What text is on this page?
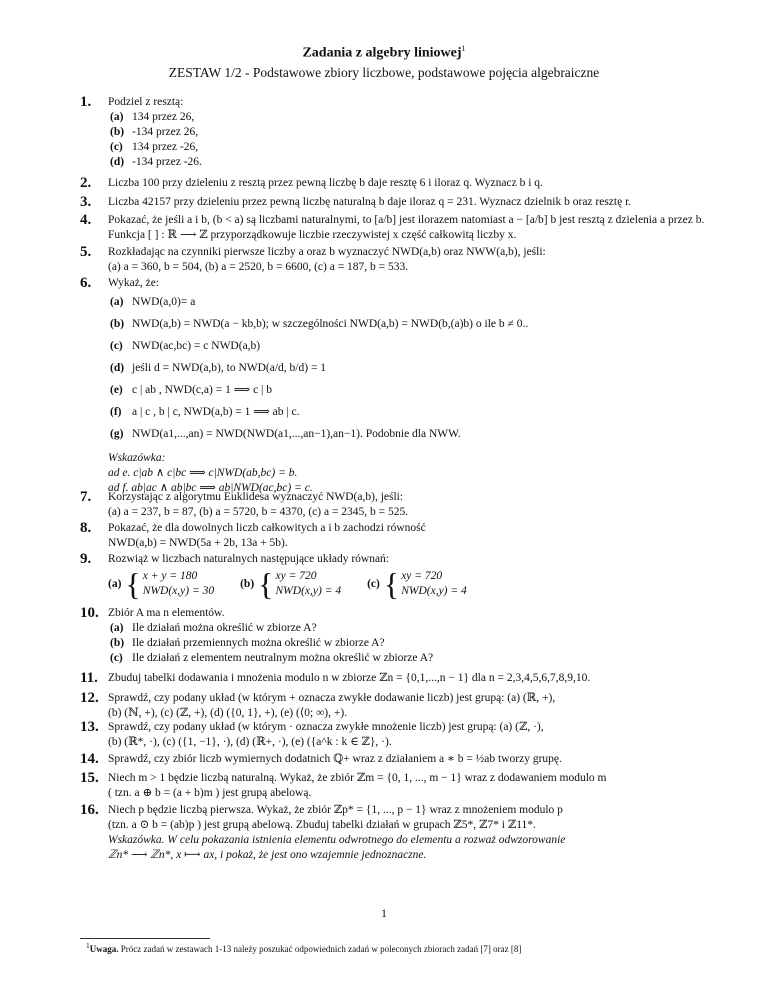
Zadania z algebry liniowej$^1$
ZESTAW 1/2 - Podstawowe zbiory liczbowe, podstawowe pojęcia algebraiczne
1. Podziel z resztą:
(a) 134 przez 26,
(b) -134 przez 26,
(c) 134 przez -26,
(d) -134 przez -26.
2. Liczba 100 przy dzieleniu z resztą przez pewną liczbę b daje resztę 6 i iloraz q. Wyznacz b i q.
3. Liczba 42157 przy dzieleniu przez pewną liczbę naturalną b daje iloraz q = 231. Wyznacz dzielnik b oraz resztę r.
4. Pokazać, że jeśli a i b, (b < a) są liczbami naturalnymi, to [a/b] jest ilorazem natomiast a − [a/b] b jest resztą z dzielenia a przez b. Funkcja [ ] : ℝ ⟶ ℤ przyporządkowuje liczbie rzeczywistej x część całkowitą liczby x.
5. Rozkładając na czynniki pierwsze liczby a oraz b wyznaczyć NWD(a,b) oraz NWW(a,b), jeśli:
(a) a = 360, b = 504, (b) a = 2520, b = 6600, (c) a = 187, b = 533.
6. Wykaż, że:
(a) NWD(a,0)= a
(b) NWD(a,b) = NWD(a − kb,b); w szczególności NWD(a,b) = NWD(b,(a)b) o ile b ≠ 0..
(c) NWD(ac,bc) = c NWD(a,b)
(d) jeśli d = NWD(a,b), to NWD(a/d, b/d) = 1
(e) c | ab , NWD(c,a) = 1 ⟹ c | b
(f) a | c , b | c, NWD(a,b) = 1 ⟹ ab | c.
(g) NWD(a1,...,an) = NWD(NWD(a1,...,an−1),an−1). Podobnie dla NWW.
Wskazówka:
ad e. c|ab ∧ c|bc ⟹ c|NWD(ab,bc) = b.
ad f. ab|ac ∧ ab|bc ⟹ ab|NWD(ac,bc) = c.
7. Korzystając z algorytmu Euklidesa wyznaczyć NWD(a,b), jeśli:
(a) a = 237, b = 87, (b) a = 5720, b = 4370, (c) a = 2345, b = 525.
8. Pokazać, że dla dowolnych liczb całkowitych a i b zachodzi równość
NWD(a,b) = NWD(5a + 2b, 13a + 5b).
9. Rozwiąż w liczbach naturalnych następujące układy równań:
(a) { x + y = 180
NWD(x,y) = 30
(b) { xy = 720
NWD(x,y) = 4
(c) { xy = 720
NWD(x,y) = 4
10. Zbiór A ma n elementów.
(a) Ile działań można określić w zbiorze A?
(b) Ile działań przemiennych można określić w zbiorze A?
(c) Ile działań z elementem neutralnym można określić w zbiorze A?
11. Zbuduj tabelki dodawania i mnożenia modulo n w zbiorze ℤn = {0,1,...,n − 1} dla n = 2,3,4,5,6,7,8,9,10.
12. Sprawdź, czy podany układ (w którym + oznacza zwykłe dodawanie liczb) jest grupą: (a) (ℝ, +),
(b) (ℕ, +), (c) (ℤ, +), (d) ({0, 1}, +), (e) (⟨0; ∞), +).
13. Sprawdź, czy podany układ (w którym · oznacza zwykłe mnożenie liczb) jest grupą: (a) (ℤ, ·),
(b) (ℝ*, ·), (c) ({1, −1}, ·), (d) (ℝ+, ·), (e) ({a^k : k ∈ ℤ}, ·).
14. Sprawdź, czy zbiór liczb wymiernych dodatnich ℚ+ wraz z działaniem a ∗ b = ½ab tworzy grupę.
15. Niech m > 1 będzie liczbą naturalną. Wykaż, że zbiór ℤm = {0, 1, ..., m − 1} wraz z dodawaniem modulo m
( tzn. a ⊕ b = (a + b)m ) jest grupą abelową.
16. Niech p będzie liczbą pierwsza. Wykaż, że zbiór ℤp* = {1, ..., p − 1} wraz z mnożeniem modulo p
(tzn. a ⊙ b = (ab)p ) jest grupą abelową. Zbuduj tabelki działań w grupach ℤ5*, ℤ7* i ℤ11*.
Wskazówka. W celu pokazania istnienia elementu odwrotnego do elementu a rozważ odwzorowanie
ℤn* ⟶ ℤn*, x ⟼ ax, i pokaż, że jest ono wzajemnie jednoznaczne.
1
$^1$Uwaga. Prócz zadań w zestawach 1-13 należy poszukać odpowiednich zadań w poleconych zbiorach zadań [7] oraz [8]
